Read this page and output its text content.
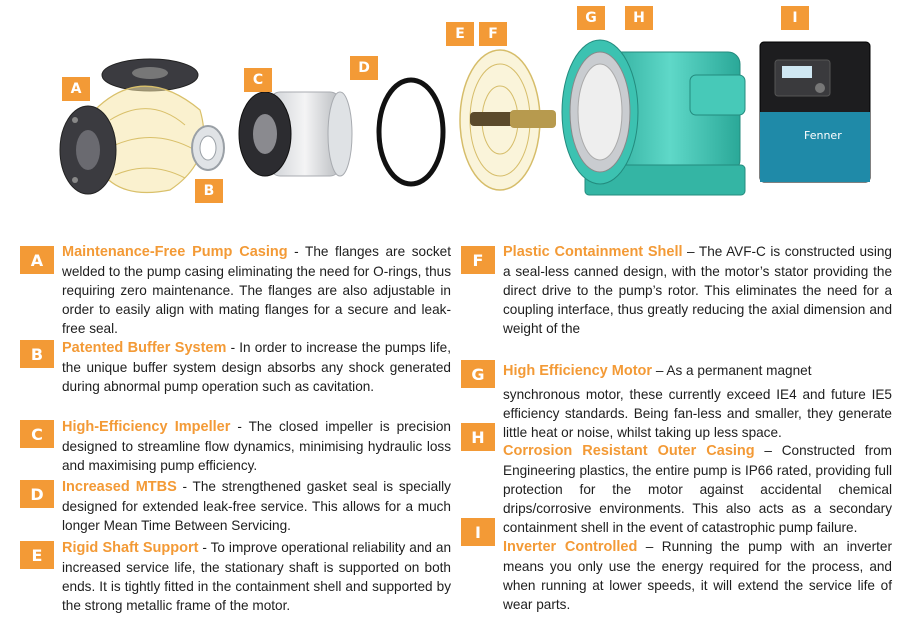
Fenner
A
B
C
D
E	F
G	H	I
A
B
C
D
E
F
G
H
I
Maintenance-Free Pump Casing - The flanges are socket welded to the pump casing eliminating the need for O-rings, thus requiring zero maintenance. The flanges are also adjustable in order to easily align with mating flanges for a secure and leak-free seal.
Patented Buffer System - In order to increase the pumps life, the unique buffer system design absorbs any shock generated during abnormal pump operation such as cavitation.
High-Efficiency Impeller - The closed impeller is precision designed to streamline flow dynamics, minimising hydraulic loss and maximising pump efficiency.
Increased MTBS - The strengthened gasket seal is specially designed for extended leak-free service. This allows for a much longer Mean Time Between Servicing.
Rigid Shaft Support - To improve operational reliability and an increased service life, the stationary shaft is supported on both ends. It is tightly fitted in the containment shell and supported by the strong metallic frame of the motor.
Plastic Containment Shell – The AVF-C is constructed using a seal-less canned design, with the motor’s stator providing the direct drive to the pump’s rotor. This eliminates the need for a coupling interface, thus greatly reducing the axial dimension and weight of the
High Efficiency Motor – As a permanent magnet
synchronous motor, these currently exceed IE4 and future IE5 efficiency standards. Being fan-less and smaller, they generate little heat or noise, whilst taking up less space.
Corrosion Resistant Outer Casing – Constructed from Engineering plastics, the entire pump is IP66 rated, providing full protection for the motor against accidental chemical drips/corrosive environments. This also acts as a secondary containment shell in the event of catastrophic pump failure.
Inverter Controlled – Running the pump with an inverter means you only use the energy required for the process, and when running at lower speeds, it will extend the service life of wear parts.
